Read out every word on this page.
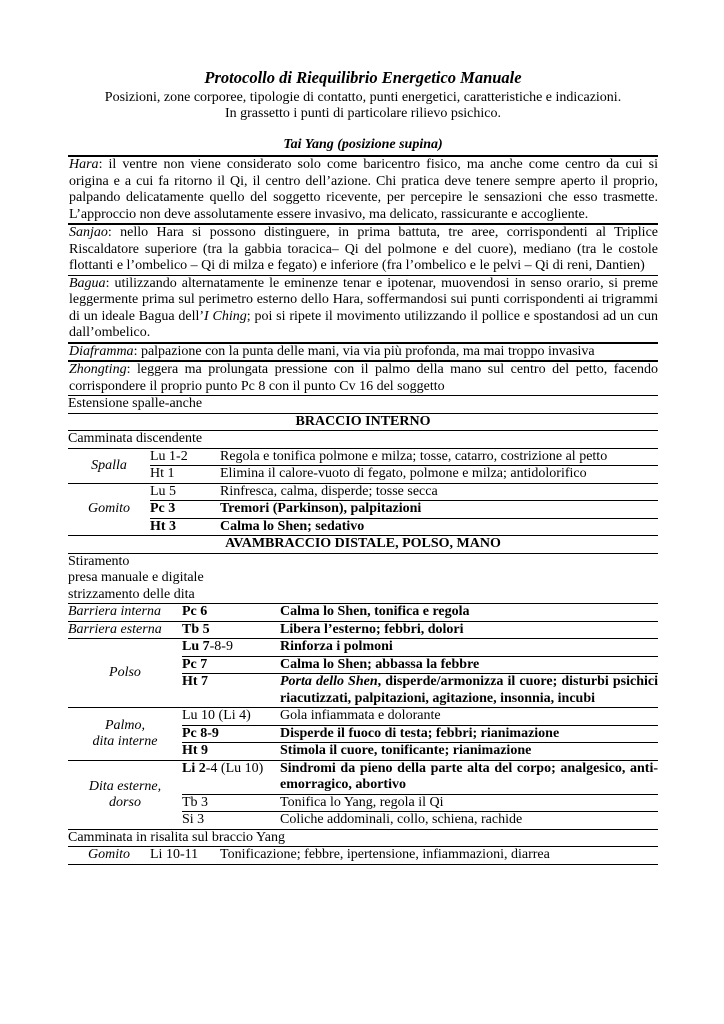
Protocollo di Riequilibrio Energetico Manuale
Posizioni, zone corporee, tipologie di contatto, punti energetici, caratteristiche e indicazioni.
In grassetto i punti di particolare rilievo psichico.
Tai Yang (posizione supina)
Hara: il ventre non viene considerato solo come baricentro fisico, ma anche come centro da cui si origina e a cui fa ritorno il Qi, il centro dell’azione. Chi pratica deve tenere sempre aperto il proprio, palpando delicatamente quello del soggetto ricevente, per percepire le sensazioni che esso trasmette. L’approccio non deve assolutamente essere invasivo, ma delicato, rassicurante e accogliente.
Sanjao: nello Hara si possono distinguere, in prima battuta, tre aree, corrispondenti al Triplice Riscaldatore superiore (tra la gabbia toracica– Qi del polmone e del cuore), mediano (tra le costole flottanti e l’ombelico – Qi di milza e fegato) e inferiore (fra l’ombelico e le pelvi – Qi di reni, Dantien)
Bagua: utilizzando alternatamente le eminenze tenar e ipotenar, muovendosi in senso orario, si preme leggermente prima sul perimetro esterno dello Hara, soffermandosi sui punti corrispondenti ai trigrammi di un ideale Bagua dell’I Ching; poi si ripete il movimento utilizzando il pollice e spostandosi ad un cun dall’ombelico.
Diaframma: palpazione con la punta delle mani, via via più profonda, ma mai troppo invasiva
Zhongting: leggera ma prolungata pressione con il palmo della mano sul centro del petto, facendo corrispondere il proprio punto Pc 8 con il punto Cv 16 del soggetto
Estensione spalle-anche
BRACCIO INTERNO
Camminata discendente
Spalla
Lu 1-2	Regola e tonifica polmone e milza; tosse, catarro, costrizione al petto
Ht 1	Elimina il calore-vuoto di fegato, polmone e milza; antidolorifico
Gomito
Lu 5	Rinfresca, calma, disperde; tosse secca
Pc 3	Tremori (Parkinson), palpitazioni
Ht 3	Calma lo Shen; sedativo
AVAMBRACCIO DISTALE, POLSO, MANO
Stiramento
presa manuale e digitale
strizzamento delle dita
Barriera interna	Pc 6	Calma lo Shen, tonifica e regola
Barriera esterna	Tb 5	Libera l’esterno; febbri, dolori
Polso
Lu 7-8-9	Rinforza i polmoni
Pc 7	Calma lo Shen; abbassa la febbre
Ht 7	Porta dello Shen, disperde/armonizza il cuore; disturbi psichici riacutizzati, palpitazioni, agitazione, insonnia, incubi
Palmo,
dita interne
Lu 10 (Li 4)	Gola infiammata e dolorante
Pc 8-9	Disperde il fuoco di testa; febbri; rianimazione
Ht 9	Stimola il cuore, tonificante; rianimazione
Dita esterne,
dorso
Li 2-4 (Lu 10)	Sindromi da pieno della parte alta del corpo; analgesico, anti-emorragico, abortivo
Tb 3	Tonifica lo Yang, regola il Qi
Si 3	Coliche addominali, collo, schiena, rachide
Camminata in risalita sul braccio Yang
Gomito	Li 10-11	Tonificazione; febbre, ipertensione, infiammazioni, diarrea
